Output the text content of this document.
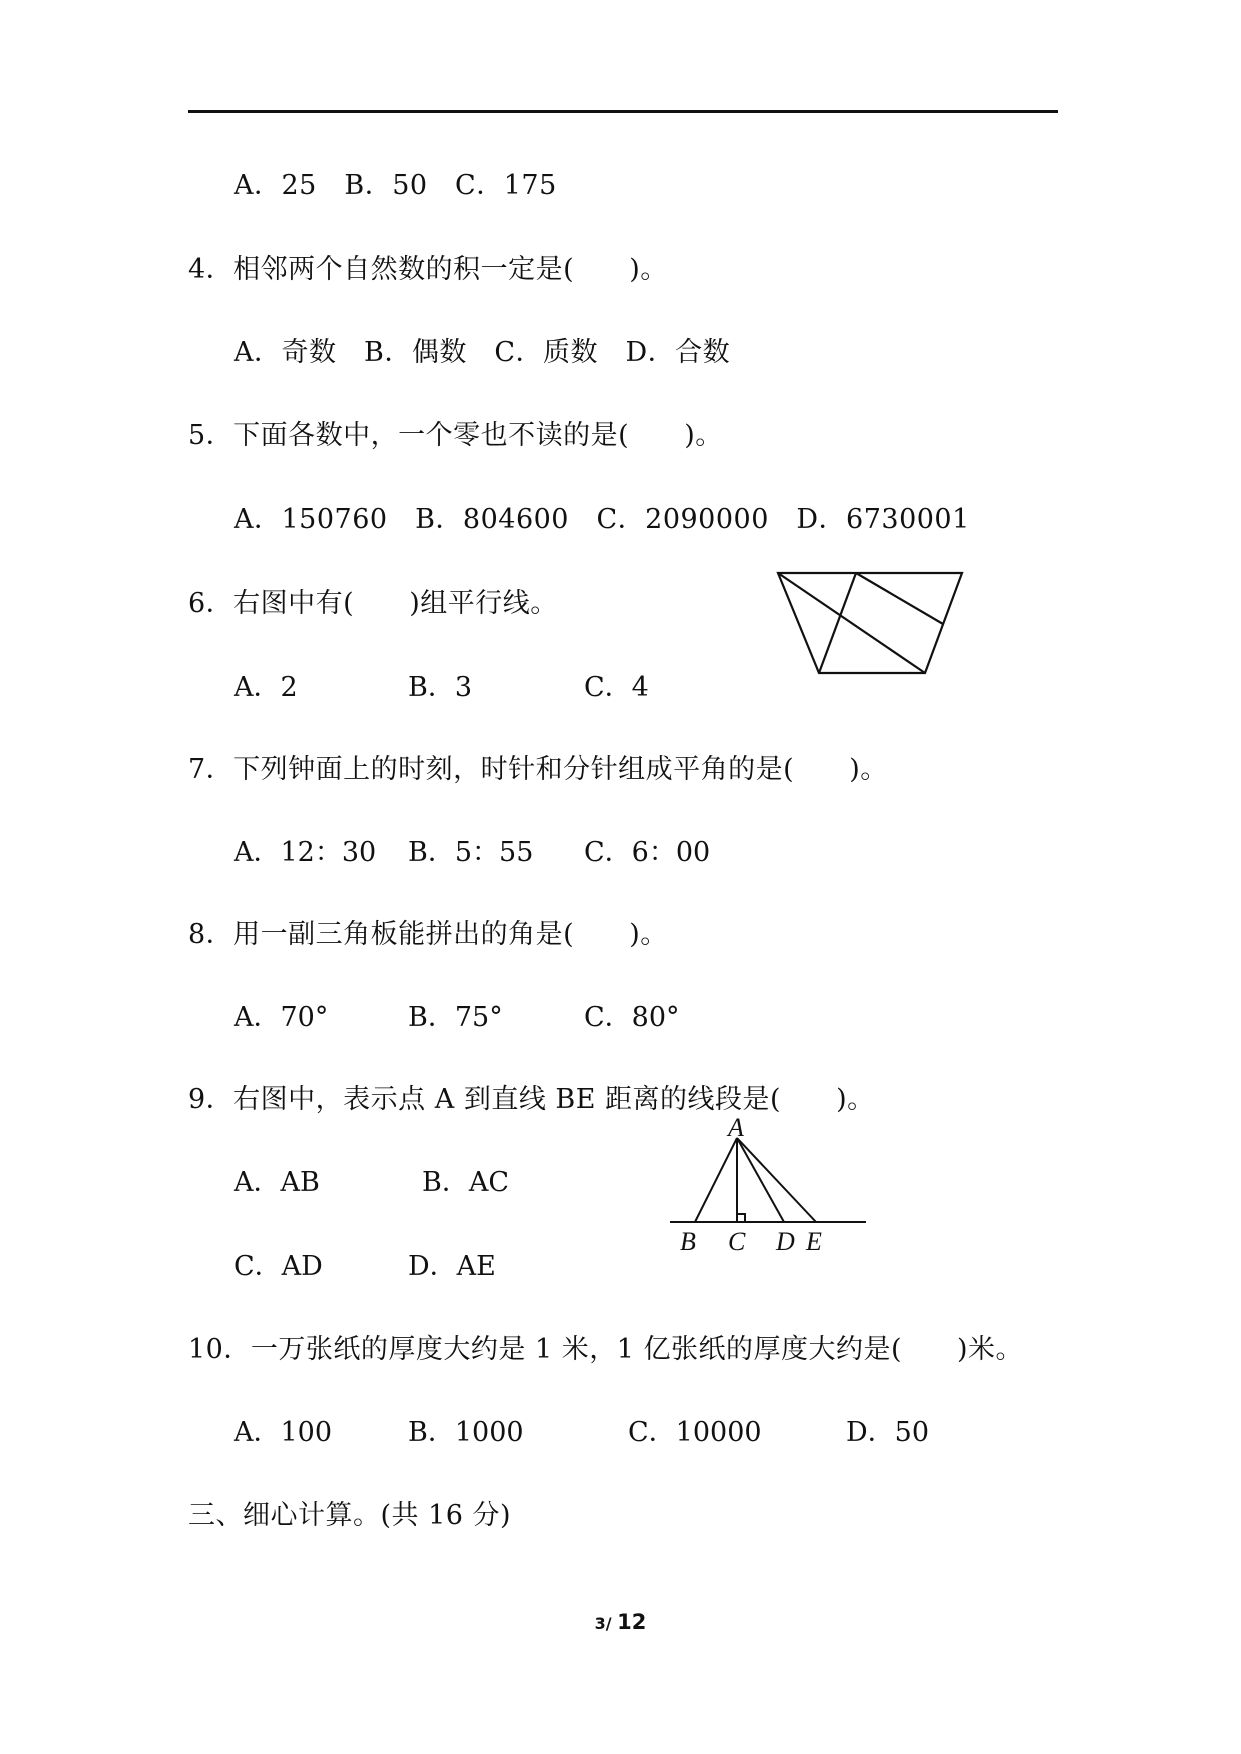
A．25　B．50　C．175
4．相邻两个自然数的积一定是(　　)。
A．奇数　B．偶数　C．质数　D．合数
5．下面各数中，一个零也不读的是(　　)。
A．150760　B．804600　C．2090000　D．6730001
6．右图中有(　　)组平行线。
A．2	B．3	C．4
7．下列钟面上的时刻，时针和分针组成平角的是(　　)。
A．12：30 B．5：55 C．6：00
8．用一副三角板能拼出的角是(　　)。
A．70°	B．75°	C．80°
9．右图中，表示点 A 到直线 BE 距离的线段是(　　)。
A．AB	B．AC
C．AD	D．AE
A
B C D E
10．一万张纸的厚度大约是 1 米，1 亿张纸的厚度大约是(　　)米。
A．100	B．1000	C．10000	D．50
三、细心计算。(共 16 分)
3/ 12
